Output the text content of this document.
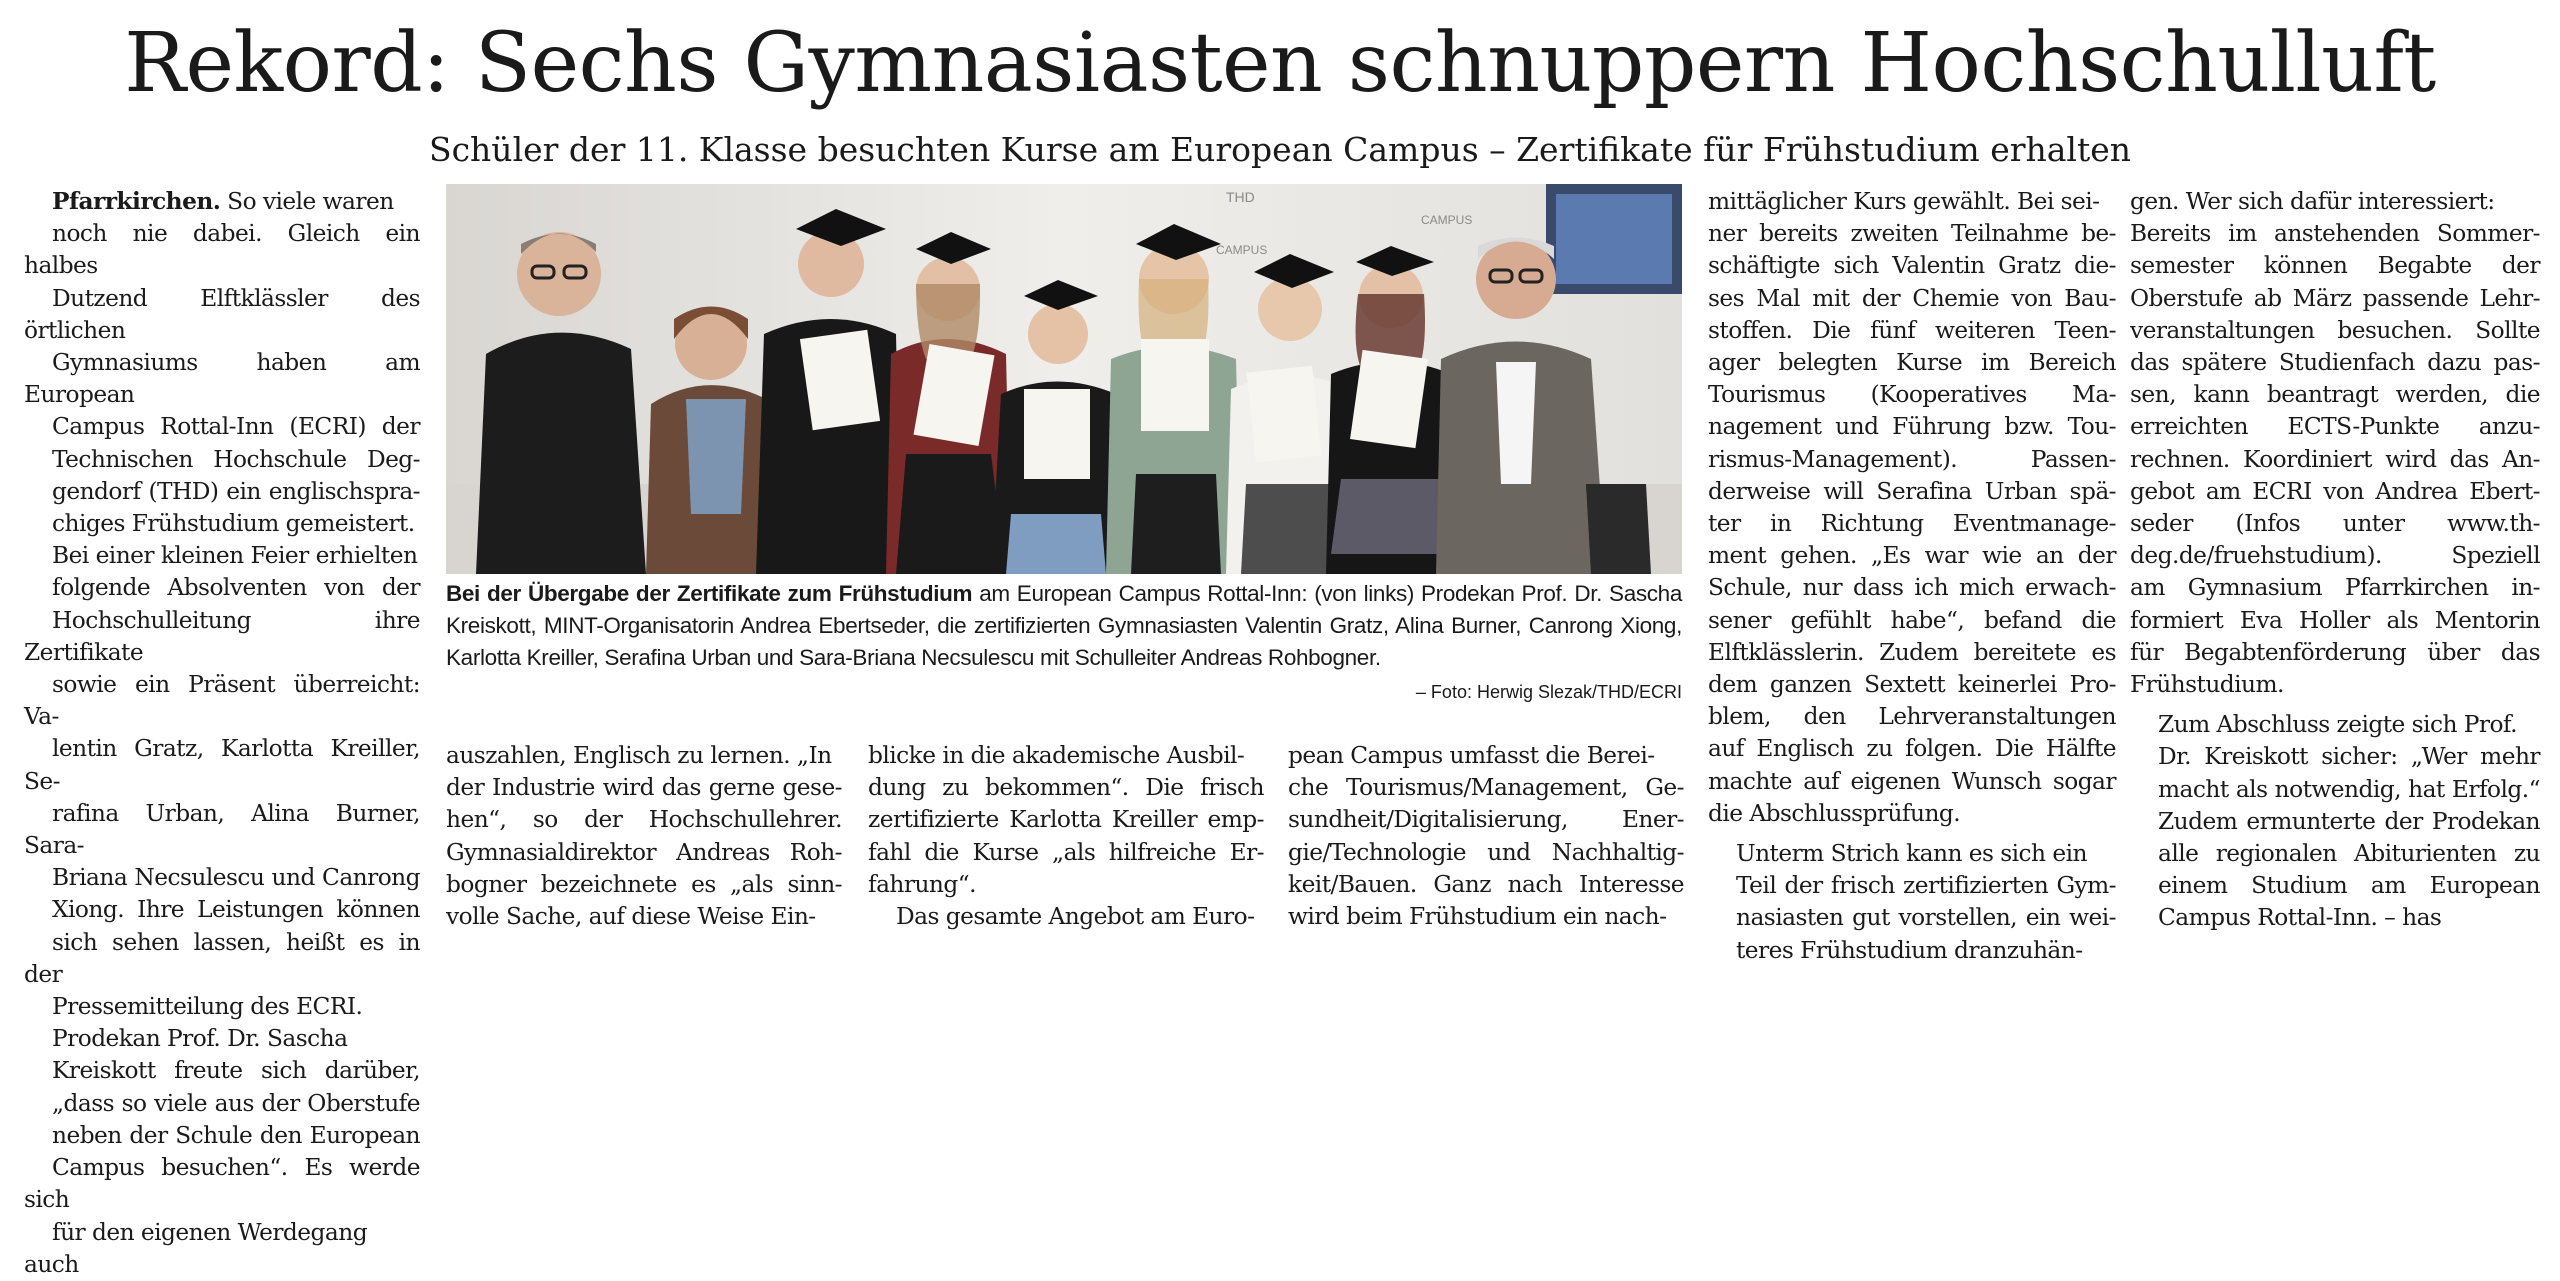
Rekord: Sechs Gymnasiasten schnuppern Hochschulluft
Schüler der 11. Klasse besuchten Kurse am European Campus – Zertifikate für Frühstudium erhalten

Pfarrkirchen. So viele waren

noch nie dabei. Gleich ein halbes
Dutzend Elftklässler des örtlichen
Gymnasiums haben am European
Campus Rottal-Inn (ECRI) der
Technischen Hochschule Deg-
gendorf (THD) ein englischspra-
chiges Frühstudium gemeistert.

Bei einer kleinen Feier erhielten

folgende Absolventen von der
Hochschulleitung ihre Zertifikate
sowie ein Präsent überreicht: Va-
lentin Gratz, Karlotta Kreiller, Se-
rafina Urban, Alina Burner, Sara-
Briana Necsulescu und Canrong
Xiong. Ihre Leistungen können
sich sehen lassen, heißt es in der
Pressemitteilung des ECRI.

Prodekan Prof. Dr. Sascha

Kreiskott freute sich darüber,
„dass so viele aus der Oberstufe
neben der Schule den European
Campus besuchen“. Es werde sich
für den eigenen Werdegang auch

THD
CAMPUS
CAMPUS
Bei der Übergabe der Zertifikate zum Frühstudium am European Campus Rottal-Inn: (von links) Prodekan Prof. Dr. Sascha Kreiskott, MINT-Organisatorin Andrea Ebertseder, die zertifizierten Gymnasiasten Valentin Gratz, Alina Burner, Canrong Xiong, Karlotta Kreiller, Serafina Urban und Sara-Briana Necsulescu mit Schulleiter Andreas Rohbogner.
– Foto: Herwig Slezak/THD/ECRI

auszahlen, Englisch zu lernen. „In

der Industrie wird das gerne gese-
hen“, so der Hochschullehrer.
Gymnasialdirektor Andreas Roh-
bogner bezeichnete es „als sinn-
volle Sache, auf diese Weise Ein-

blicke in die akademische Ausbil-

dung zu bekommen“. Die frisch
zertifizierte Karlotta Kreiller emp-
fahl die Kurse „als hilfreiche Er-
fahrung“.

Das gesamte Angebot am Euro-

pean Campus umfasst die Berei-

che Tourismus/Management, Ge-
sundheit/Digitalisierung, Ener-
gie/Technologie und Nachhaltig-
keit/Bauen. Ganz nach Interesse
wird beim Frühstudium ein nach-

mittäglicher Kurs gewählt. Bei sei-

ner bereits zweiten Teilnahme be-
schäftigte sich Valentin Gratz die-
ses Mal mit der Chemie von Bau-
stoffen. Die fünf weiteren Teen-
ager belegten Kurse im Bereich
Tourismus (Kooperatives Ma-
nagement und Führung bzw. Tou-
rismus-Management). Passen-
derweise will Serafina Urban spä-
ter in Richtung Eventmanage-
ment gehen. „Es war wie an der
Schule, nur dass ich mich erwach-
sener gefühlt habe“, befand die
Elftklässlerin. Zudem bereitete es
dem ganzen Sextett keinerlei Pro-
blem, den Lehrveranstaltungen
auf Englisch zu folgen. Die Hälfte
machte auf eigenen Wunsch sogar
die Abschlussprüfung.

Unterm Strich kann es sich ein

Teil der frisch zertifizierten Gym-
nasiasten gut vorstellen, ein wei-
teres Frühstudium dranzuhän-

gen. Wer sich dafür interessiert:

Bereits im anstehenden Sommer-
semester können Begabte der
Oberstufe ab März passende Lehr-
veranstaltungen besuchen. Sollte
das spätere Studienfach dazu pas-
sen, kann beantragt werden, die
erreichten ECTS-Punkte anzu-
rechnen. Koordiniert wird das An-
gebot am ECRI von Andrea Ebert-
seder (Infos unter www.th-
deg.de/fruehstudium). Speziell
am Gymnasium Pfarrkirchen in-
formiert Eva Holler als Mentorin
für Begabtenförderung über das
Frühstudium.

Zum Abschluss zeigte sich Prof.

Dr. Kreiskott sicher: „Wer mehr
macht als notwendig, hat Erfolg.“
Zudem ermunterte der Prodekan
alle regionalen Abiturienten zu
einem Studium am European
Campus Rottal-Inn. – has
